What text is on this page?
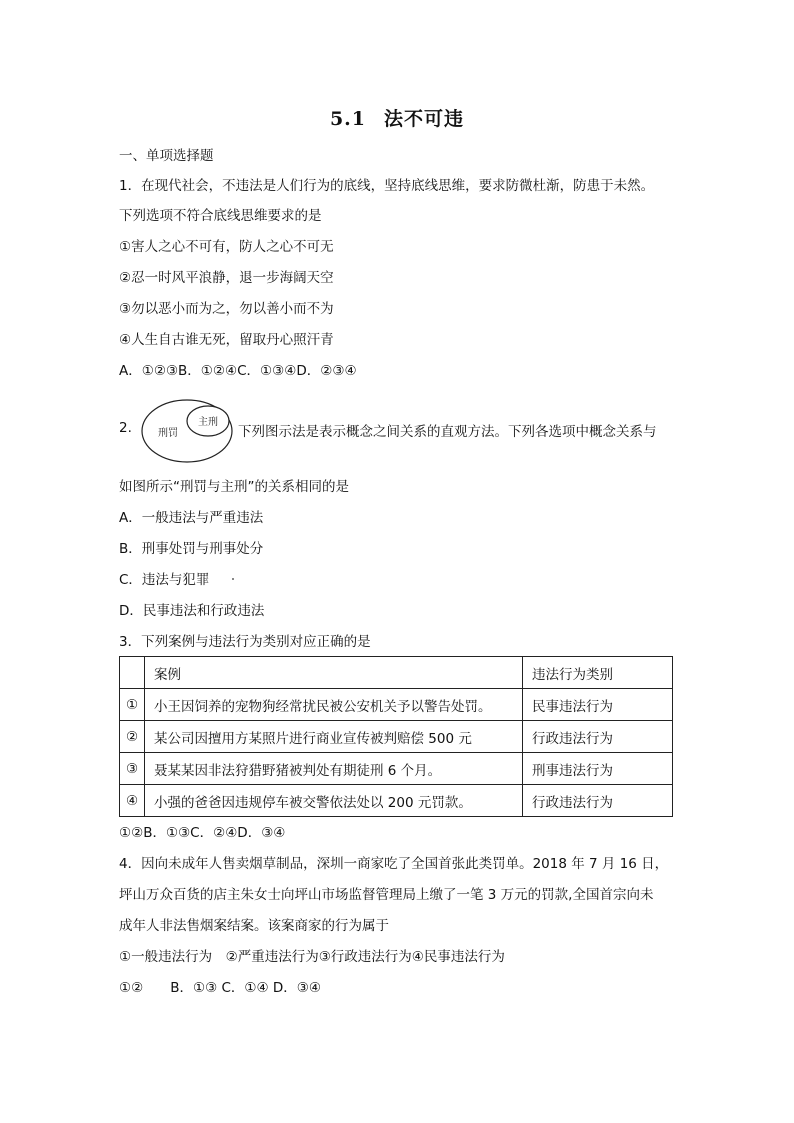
5.1 法不可违
一、单项选择题
1．在现代社会，不违法是人们行为的底线，坚持底线思维，要求防微杜渐，防患于未然。
下列选项不符合底线思维要求的是
①害人之心不可有，防人之心不可无
②忍一时风平浪静，退一步海阔天空
③勿以恶小而为之，勿以善小而不为
④人生自古谁无死，留取丹心照汗青
A．①②③B．①②④C．①③④D．②③④
2.	刑罚
主刑
下列图示法是表示概念之间关系的直观方法。下列各选项中概念关系与
如图所示“刑罚与主刑”的关系相同的是
A．一般违法与严重违法
B．刑事处罚与刑事处分
C．违法与犯罪
D．民事违法和行政违法
3．下列案例与违法行为类别对应正确的是
	案例	违法行为类别
①	小王因饲养的宠物狗经常扰民被公安机关予以警告处罚。	民事违法行为
②	某公司因擅用方某照片进行商业宣传被判赔偿 500 元	行政违法行为
③	聂某某因非法狩猎野猪被判处有期徒刑 6 个月。	刑事违法行为
④	小强的爸爸因违规停车被交警依法处以 200 元罚款。	行政违法行为
①②B．①③C．②④D．③④
4．因向未成年人售卖烟草制品，深圳一商家吃了全国首张此类罚单。2018 年 7 月 16 日，
坪山万众百货的店主朱女士向坪山市场监督管理局上缴了一笔 3 万元的罚款,全国首宗向未
成年人非法售烟案结案。该案商家的行为属于
①一般违法行为　②严重违法行为③行政违法行为④民事违法行为
①②　　B．①③ C．①④ D．③④
